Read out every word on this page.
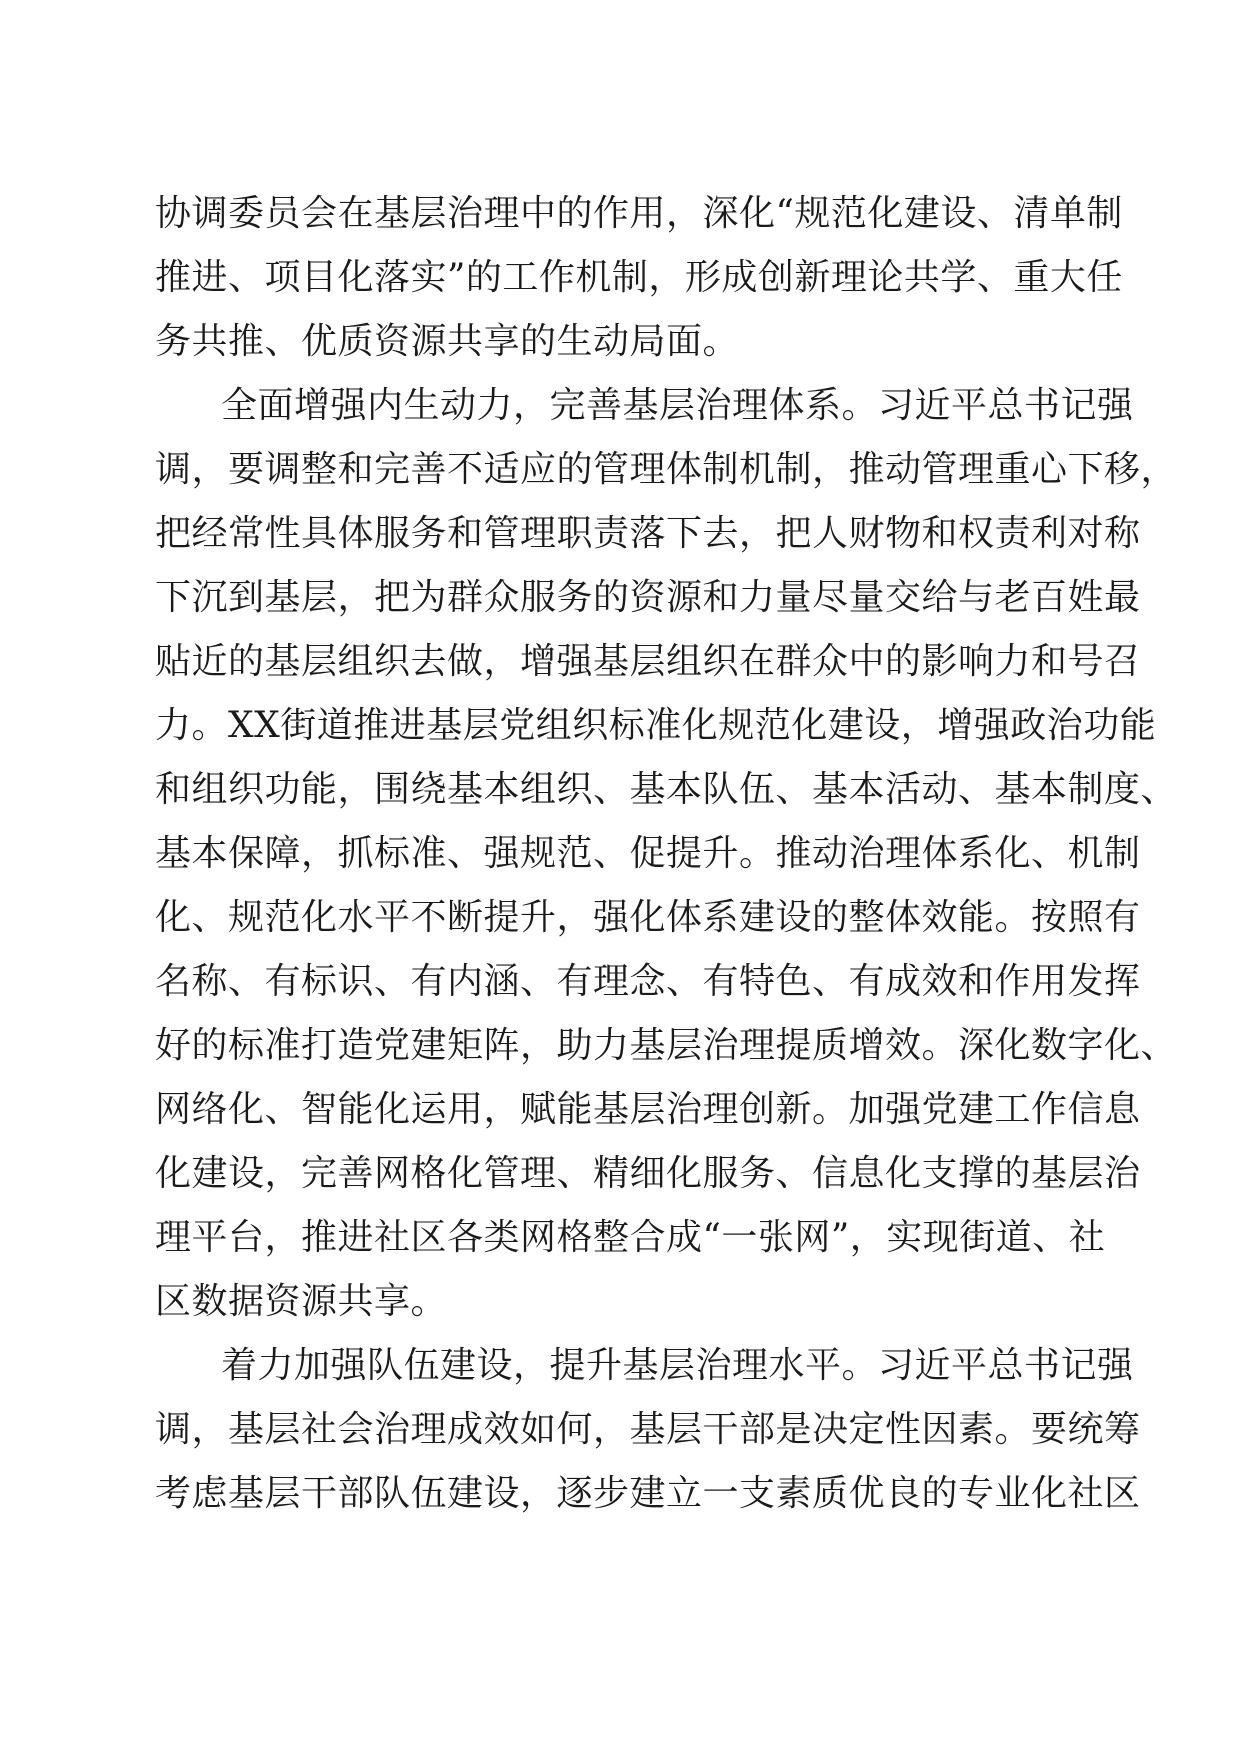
协调委员会在基层治理中的作用，深化“规范化建设、清单制
推进、项目化落实”的工作机制，形成创新理论共学、重大任
务共推、优质资源共享的生动局面。
全面增强内生动力，完善基层治理体系。习近平总书记强
调，要调整和完善不适应的管理体制机制，推动管理重心下移，
把经常性具体服务和管理职责落下去，把人财物和权责利对称
下沉到基层，把为群众服务的资源和力量尽量交给与老百姓最
贴近的基层组织去做，增强基层组织在群众中的影响力和号召
力。XX街道推进基层党组织标准化规范化建设，增强政治功能
和组织功能，围绕基本组织、基本队伍、基本活动、基本制度、
基本保障，抓标准、强规范、促提升。推动治理体系化、机制
化、规范化水平不断提升，强化体系建设的整体效能。按照有
名称、有标识、有内涵、有理念、有特色、有成效和作用发挥
好的标准打造党建矩阵，助力基层治理提质增效。深化数字化、
网络化、智能化运用，赋能基层治理创新。加强党建工作信息
化建设，完善网格化管理、精细化服务、信息化支撑的基层治
理平台，推进社区各类网格整合成“一张网”，实现街道、社
区数据资源共享。
着力加强队伍建设，提升基层治理水平。习近平总书记强
调，基层社会治理成效如何，基层干部是决定性因素。要统筹
考虑基层干部队伍建设，逐步建立一支素质优良的专业化社区
